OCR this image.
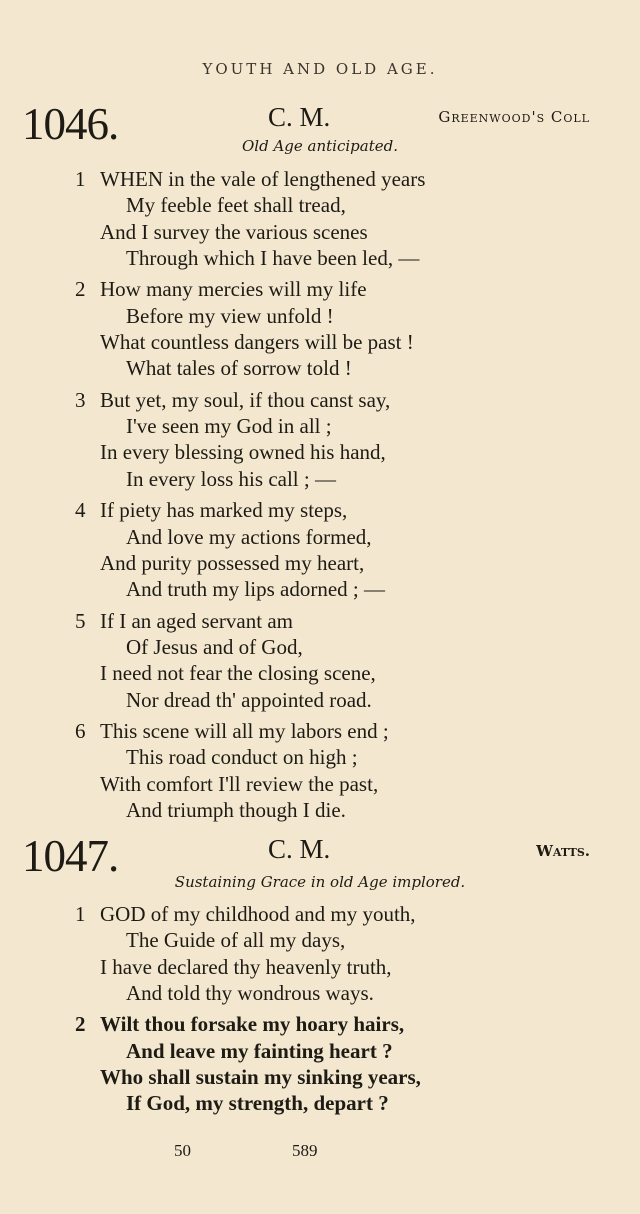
YOUTH AND OLD AGE.
1046.	C. M.	Greenwood's Coll
Old Age anticipated.
1 WHEN in the vale of lengthened years
My feeble feet shall tread,
And I survey the various scenes
Through which I have been led, —
2 How many mercies will my life
Before my view unfold !
What countless dangers will be past !
What tales of sorrow told !
3 But yet, my soul, if thou canst say,
I've seen my God in all ;
In every blessing owned his hand,
In every loss his call ; —
4 If piety has marked my steps,
And love my actions formed,
And purity possessed my heart,
And truth my lips adorned ; —
5 If I an aged servant am
Of Jesus and of God,
I need not fear the closing scene,
Nor dread th' appointed road.
6 This scene will all my labors end ;
This road conduct on high ;
With comfort I'll review the past,
And triumph though I die.
1047.	C. M.	Watts.
Sustaining Grace in old Age implored.
1 GOD of my childhood and my youth,
The Guide of all my days,
I have declared thy heavenly truth,
And told thy wondrous ways.
2 Wilt thou forsake my hoary hairs,
And leave my fainting heart ?
Who shall sustain my sinking years,
If God, my strength, depart ?
50	589
